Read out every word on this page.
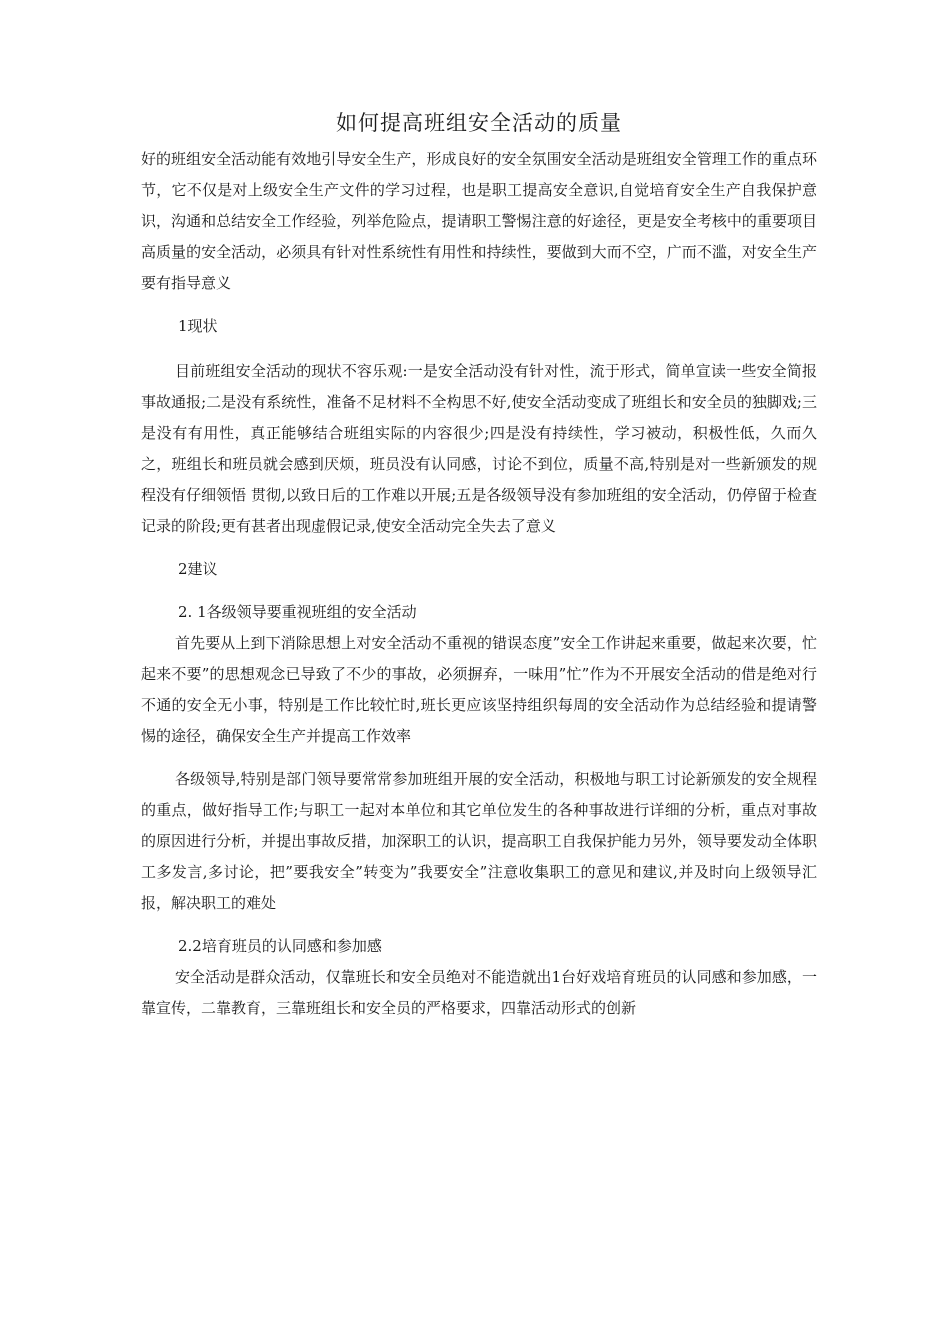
如何提高班组安全活动的质量

好的班组安全活动能有效地引导安全生产，形成良好的安全氛围安全活动是班组安全管理工作的重点环节，它不仅是对上级安全生产文件的学习过程，也是职工提高安全意识,自觉培育安全生产自我保护意识，沟通和总结安全工作经验，列举危险点，提请职工警惕注意的好途径，更是安全考核中的重要项目高质量的安全活动，必须具有针对性系统性有用性和持续性，要做到大而不空，广而不滥，对安全生产要有指导意义

1现状

目前班组安全活动的现状不容乐观:一是安全活动没有针对性，流于形式，简单宣读一些安全简报事故通报;二是没有系统性，准备不足材料不全构思不好,使安全活动变成了班组长和安全员的独脚戏;三是没有有用性，真正能够结合班组实际的内容很少;四是没有持续性，学习被动，积极性低，久而久之，班组长和班员就会感到厌烦，班员没有认同感，讨论不到位，质量不高,特别是对一些新颁发的规程没有仔细领悟 贯彻,以致日后的工作难以开展;五是各级领导没有参加班组的安全活动，仍停留于检查记录的阶段;更有甚者出现虚假记录,使安全活动完全失去了意义

2建议

2. 1各级领导要重视班组的安全活动

首先要从上到下消除思想上对安全活动不重视的错误态度”安全工作讲起来重要，做起来次要，忙起来不要”的思想观念已导致了不少的事故，必须摒弃，一味用”忙”作为不开展安全活动的借是绝对行不通的安全无小事，特别是工作比较忙时,班长更应该坚持组织每周的安全活动作为总结经验和提请警惕的途径，确保安全生产并提高工作效率

各级领导,特别是部门领导要常常参加班组开展的安全活动，积极地与职工讨论新颁发的安全规程的重点，做好指导工作;与职工一起对本单位和其它单位发生的各种事故进行详细的分析，重点对事故的原因进行分析，并提出事故反措，加深职工的认识，提高职工自我保护能力另外，领导要发动全体职工多发言,多讨论，把”要我安全”转变为”我要安全”注意收集职工的意见和建议,并及时向上级领导汇报，解决职工的难处

2.2培育班员的认同感和参加感

安全活动是群众活动，仅靠班长和安全员绝对不能造就出1台好戏培育班员的认同感和参加感，一靠宣传，二靠教育，三靠班组长和安全员的严格要求，四靠活动形式的创新
